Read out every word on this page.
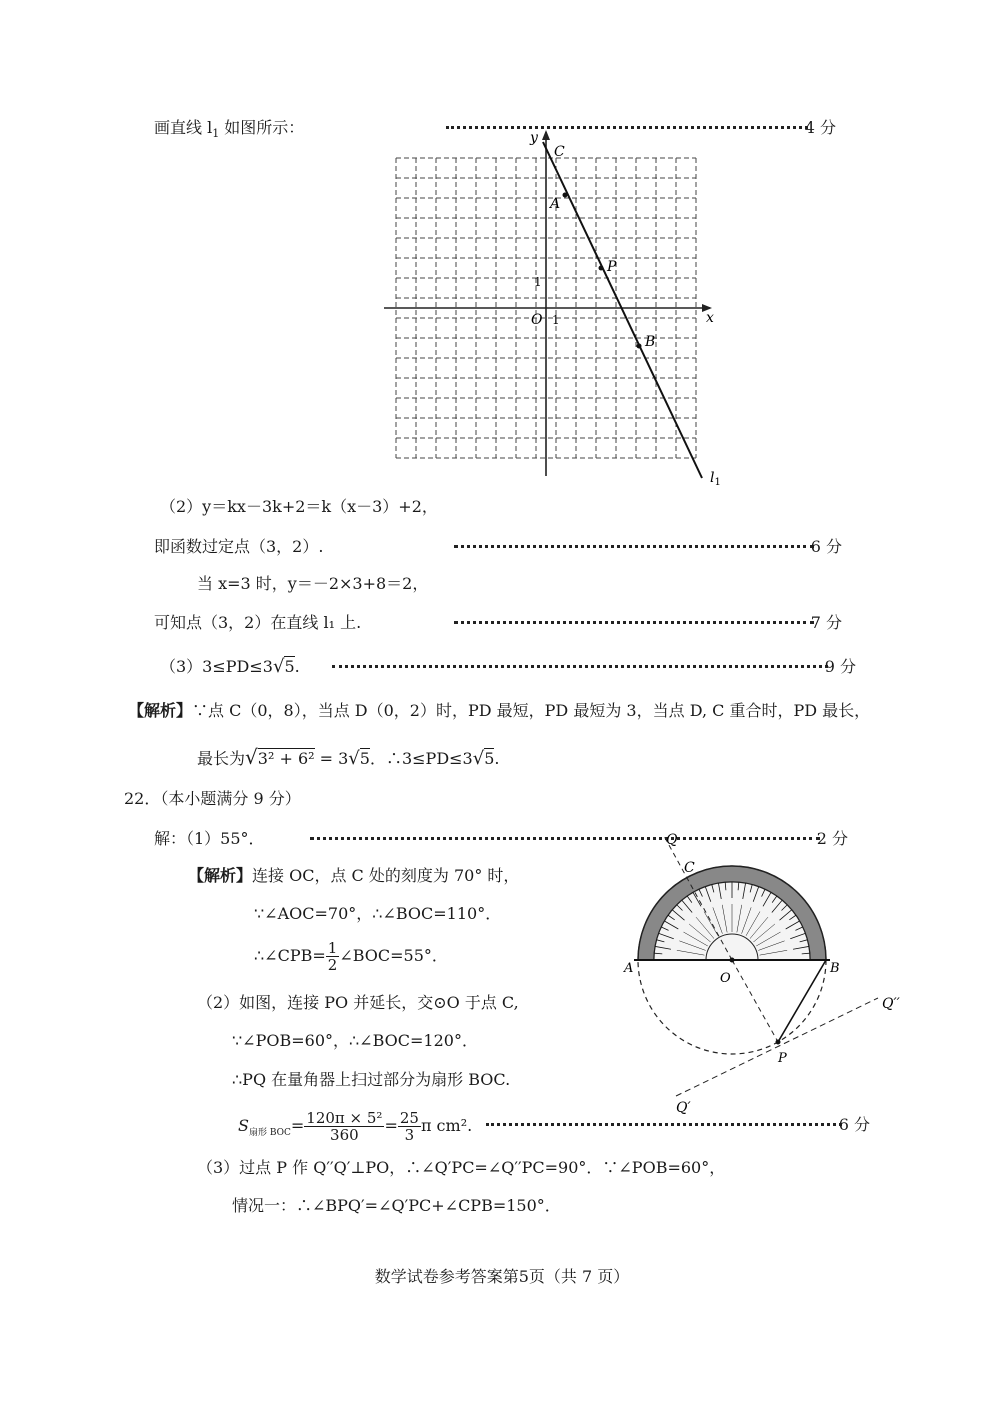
画直线 $l_1$ 如图所示：	4 分
y
x
O 1
1
C
A
P
B
$l_1$
（2）y＝kx－3k+2＝k（x－3）+2，
即函数过定点（3，2）.	6 分
当 x=3 时，y＝－2×3+8＝2，
可知点（3，2）在直线 l₁ 上.	7 分
（3）3≤PD≤3√5.	9 分
【解析】∵点 C（0，8），当点 D（0，2）时，PD 最短，PD 最短为 3，当点 D, C 重合时，PD 最长，
最长为√3² + 6² = 3√5．∴3≤PD≤3√5.
22．（本小题满分 9 分）
解：（1）55°．	2 分
【解析】连接 OC，点 C 处的刻度为 70° 时，
∵∠AOC=70°，∴∠BOC=110°．
∴∠CPB= $\frac{1}{2}$ ∠BOC=55°．
（2）如图，连接 PO 并延长，交⊙O 于点 C,
∵∠POB=60°，∴∠BOC=120°．
∴PQ 在量角器上扫过部分为扇形 BOC.
$S_{扇形 BOC}= \frac{\text{120π × 5²}}{360} = \frac{25}{3}$ π cm².	6 分
（3）过点 P 作 Q′′Q′⊥PO，∴∠Q′PC=∠Q′′PC=90°．∵∠POB=60°，
情况一：∴∠BPQ′=∠Q′PC+∠CPB=150°．
Q
C
A
O
B
P
Q′
Q′′
数学试卷参考答案第5页（共 7 页）
